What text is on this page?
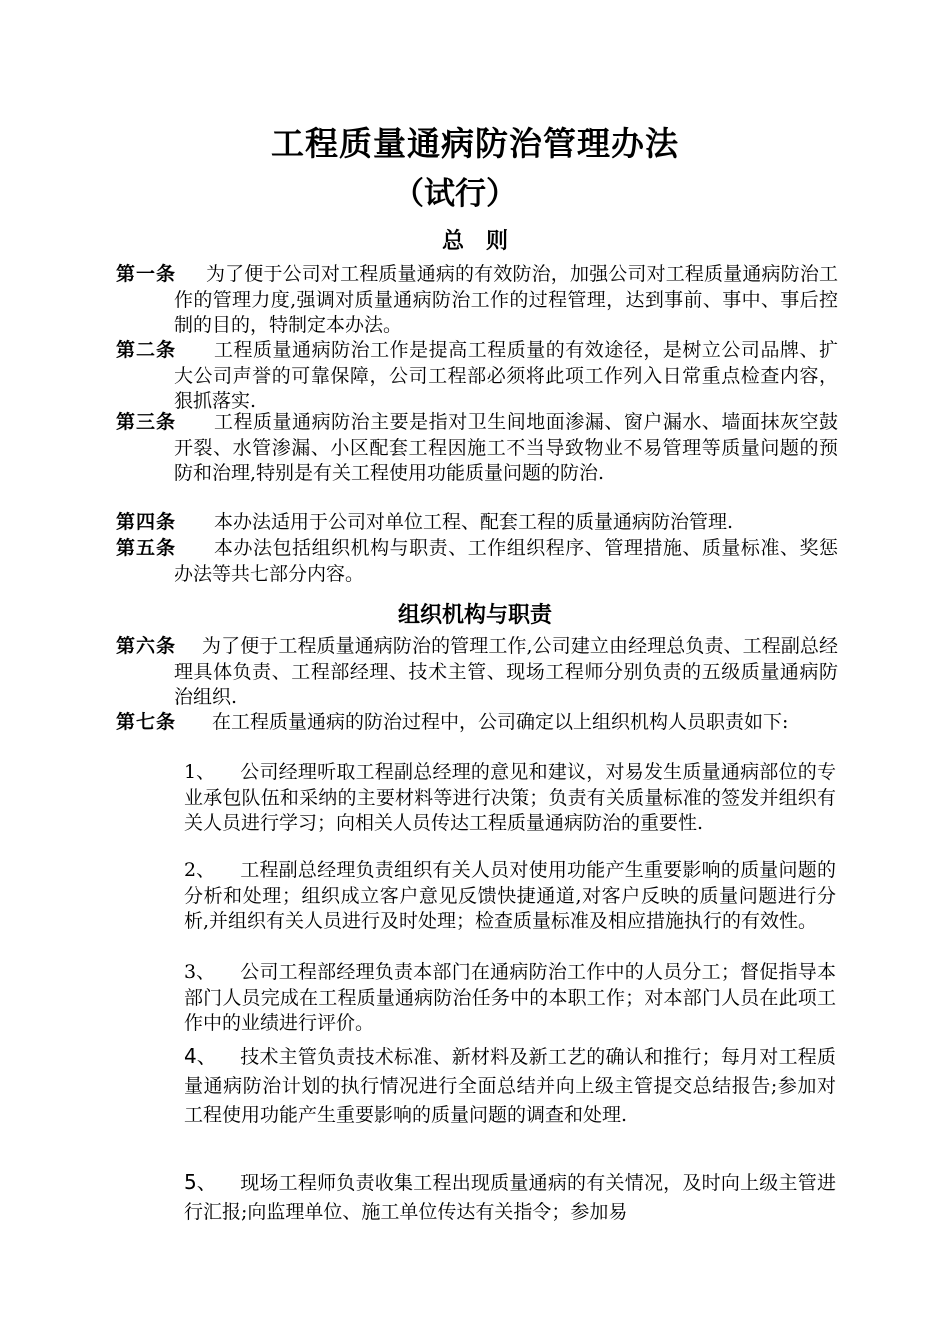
工程质量通病防治管理办法
（试行）
总　则
第一条	为了便于公司对工程质量通病的有效防治，加强公司对工程质量通病防治工作的管理力度,强调对质量通病防治工作的过程管理，达到事前、事中、事后控制的目的，特制定本办法。
第二条	工程质量通病防治工作是提高工程质量的有效途径，是树立公司品牌、扩大公司声誉的可靠保障，公司工程部必须将此项工作列入日常重点检查内容，狠抓落实.
第三条	工程质量通病防治主要是指对卫生间地面渗漏、窗户漏水、墙面抹灰空鼓开裂、水管渗漏、小区配套工程因施工不当导致物业不易管理等质量问题的预防和治理,特别是有关工程使用功能质量问题的防治.
第四条	本办法适用于公司对单位工程、配套工程的质量通病防治管理.
第五条	本办法包括组织机构与职责、工作组织程序、管理措施、质量标准、奖惩办法等共七部分内容。
组织机构与职责
第六条	为了便于工程质量通病防治的管理工作,公司建立由经理总负责、工程副总经理具体负责、工程部经理、技术主管、现场工程师分别负责的五级质量通病防治组织.
第七条	在工程质量通病的防治过程中，公司确定以上组织机构人员职责如下:
1、 公司经理听取工程副总经理的意见和建议，对易发生质量通病部位的专业承包队伍和采纳的主要材料等进行决策；负责有关质量标准的签发并组织有关人员进行学习；向相关人员传达工程质量通病防治的重要性.
2、 工程副总经理负责组织有关人员对使用功能产生重要影响的质量问题的分析和处理；组织成立客户意见反馈快捷通道,对客户反映的质量问题进行分析,并组织有关人员进行及时处理；检查质量标准及相应措施执行的有效性。
3、 公司工程部经理负责本部门在通病防治工作中的人员分工；督促指导本部门人员完成在工程质量通病防治任务中的本职工作；对本部门人员在此项工作中的业绩进行评价。
4、 技术主管负责技术标准、新材料及新工艺的确认和推行；每月对工程质量通病防治计划的执行情况进行全面总结并向上级主管提交总结报告;参加对工程使用功能产生重要影响的质量问题的调查和处理.
5、 现场工程师负责收集工程出现质量通病的有关情况，及时向上级主管进行汇报;向监理单位、施工单位传达有关指令；参加易
